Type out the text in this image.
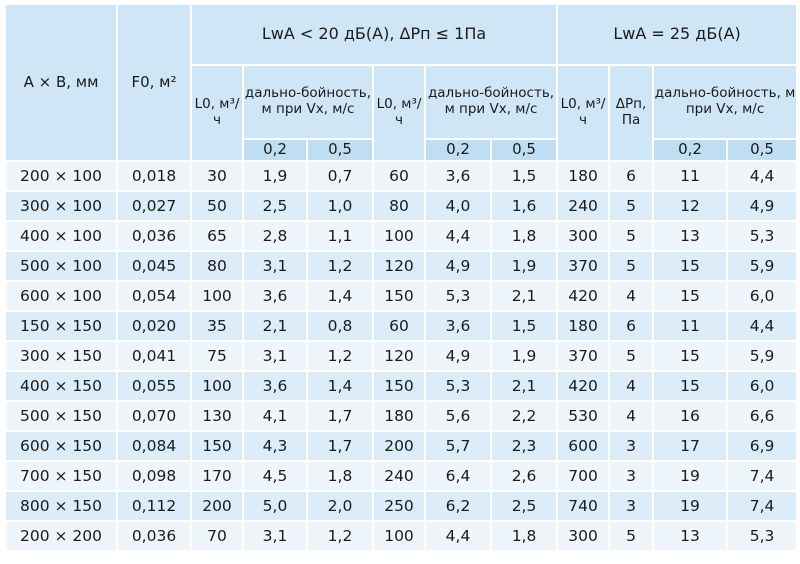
А × В, мм	F0, м²	LwA < 20 дБ(А), ΔPп ≤ 1Па						LwA = 25 дБ(А)			
		L0, м³/ч	дально-бойность, м при Vx, м/с		L0, м³/ч	дально-бойность, м при Vx, м/с		L0, м³/ч	ΔPп, Па	дально-бойность, м при Vx, м/с	
			0,2	0,5		0,2	0,5			0,2	0,5
200 × 100	0,018	30	1,9	0,7	60	3,6	1,5	180	6	11	4,4
300 × 100	0,027	50	2,5	1,0	80	4,0	1,6	240	5	12	4,9
400 × 100	0,036	65	2,8	1,1	100	4,4	1,8	300	5	13	5,3
500 × 100	0,045	80	3,1	1,2	120	4,9	1,9	370	5	15	5,9
600 × 100	0,054	100	3,6	1,4	150	5,3	2,1	420	4	15	6,0
150 × 150	0,020	35	2,1	0,8	60	3,6	1,5	180	6	11	4,4
300 × 150	0,041	75	3,1	1,2	120	4,9	1,9	370	5	15	5,9
400 × 150	0,055	100	3,6	1,4	150	5,3	2,1	420	4	15	6,0
500 × 150	0,070	130	4,1	1,7	180	5,6	2,2	530	4	16	6,6
600 × 150	0,084	150	4,3	1,7	200	5,7	2,3	600	3	17	6,9
700 × 150	0,098	170	4,5	1,8	240	6,4	2,6	700	3	19	7,4
800 × 150	0,112	200	5,0	2,0	250	6,2	2,5	740	3	19	7,4
200 × 200	0,036	70	3,1	1,2	100	4,4	1,8	300	5	13	5,3
